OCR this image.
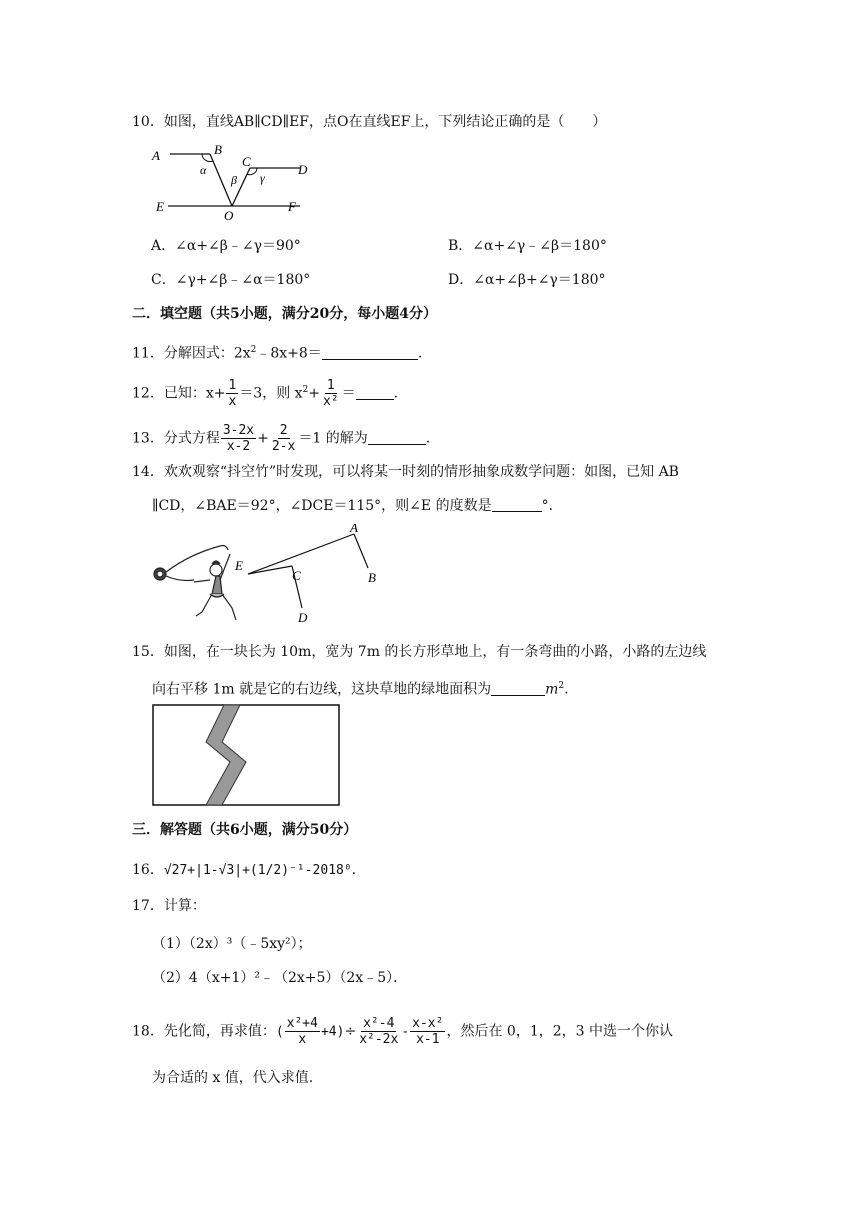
10．如图，直线AB∥CD∥EF，点O在直线EF上，下列结论正确的是（　　）
A	B
C
D
E
O
F
α
β γ
A．∠α+∠β﹣∠γ＝90°	B．∠α+∠γ﹣∠β＝180°
C．∠γ+∠β﹣∠α＝180°	D．∠α+∠β+∠γ＝180°
二．填空题（共5小题，满分20分，每小题4分）
11．分解因式：$2x^2﹣8x+8=$	.
12．已知：$x+ \frac{1}{x} =3$，则 $x^2+ \frac{1}{\text{x²}}$ ＝	.
13．分式方程 $\frac{3-2x}{x-2} + \frac{2}{2-x} =1$ 的解为	.
14．欢欢观察“抖空竹”时发现，可以将某一时刻的情形抽象成数学问题：如图，已知 AB
∥CD，∠BAE＝92°，∠DCE＝115°，则∠E 的度数是	°．
A
B
C
D
E
15．如图，在一块长为 10m，宽为 7m 的长方形草地上，有一条弯曲的小路，小路的左边线
向右平移 1m 就是它的右边线，这块草地的绿地面积为	$m^2$.
三．解答题（共6小题，满分50分）
16．√27+|1-√3|+(1/2)⁻¹-2018⁰.
17．计算：
（1）（2x）³（﹣5xy²）；
（2）4（x+1）²﹣（2x+5）（2x﹣5）．
18．先化简，再求值：( $\frac{\text{x²+4}}{x} +4)\div \frac{\text{x²-4}}{\text{x²-2x}} - \frac{\text{x-x²}}{x-1}$ ，然后在 0，1，2，3 中选一个你认
为合适的 x 值，代入求值.
